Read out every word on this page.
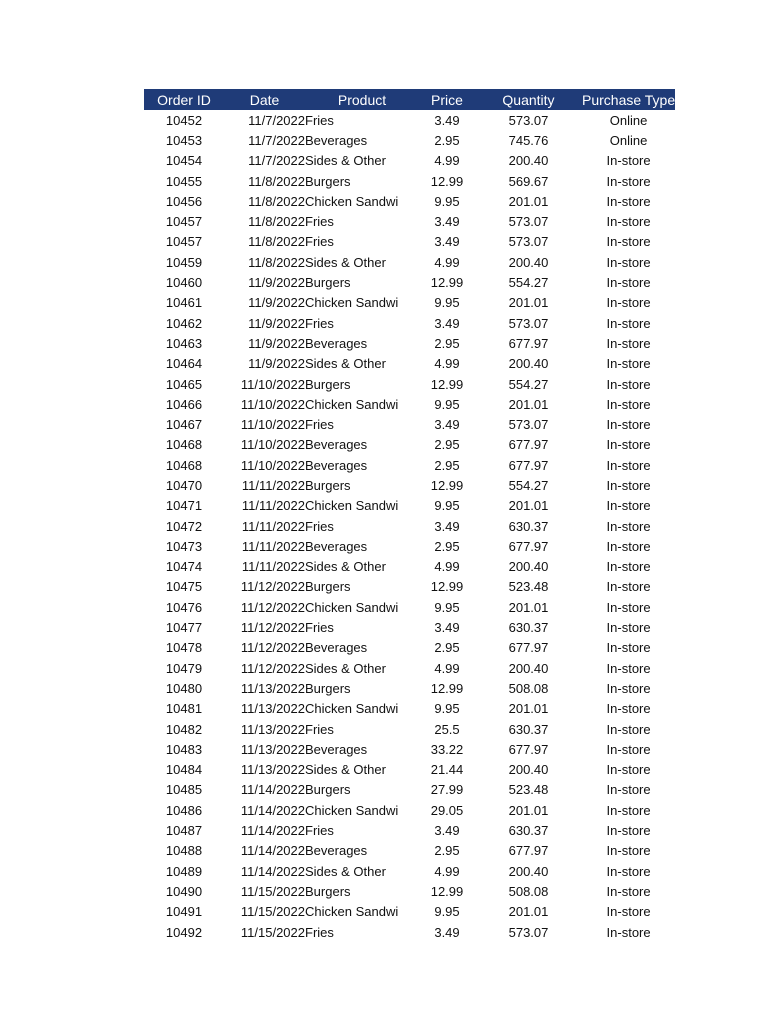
Order ID	Date	Product	Price	Quantity	Purchase Type
10452	11/7/2022	Fries	3.49	573.07	Online
10453	11/7/2022	Beverages	2.95	745.76	Online
10454	11/7/2022	Sides & Other	4.99	200.40	In-store
10455	11/8/2022	Burgers	12.99	569.67	In-store
10456	11/8/2022	Chicken Sandwi	9.95	201.01	In-store
10457	11/8/2022	Fries	3.49	573.07	In-store
10457	11/8/2022	Fries	3.49	573.07	In-store
10459	11/8/2022	Sides & Other	4.99	200.40	In-store
10460	11/9/2022	Burgers	12.99	554.27	In-store
10461	11/9/2022	Chicken Sandwi	9.95	201.01	In-store
10462	11/9/2022	Fries	3.49	573.07	In-store
10463	11/9/2022	Beverages	2.95	677.97	In-store
10464	11/9/2022	Sides & Other	4.99	200.40	In-store
10465	11/10/2022	Burgers	12.99	554.27	In-store
10466	11/10/2022	Chicken Sandwi	9.95	201.01	In-store
10467	11/10/2022	Fries	3.49	573.07	In-store
10468	11/10/2022	Beverages	2.95	677.97	In-store
10468	11/10/2022	Beverages	2.95	677.97	In-store
10470	11/11/2022	Burgers	12.99	554.27	In-store
10471	11/11/2022	Chicken Sandwi	9.95	201.01	In-store
10472	11/11/2022	Fries	3.49	630.37	In-store
10473	11/11/2022	Beverages	2.95	677.97	In-store
10474	11/11/2022	Sides & Other	4.99	200.40	In-store
10475	11/12/2022	Burgers	12.99	523.48	In-store
10476	11/12/2022	Chicken Sandwi	9.95	201.01	In-store
10477	11/12/2022	Fries	3.49	630.37	In-store
10478	11/12/2022	Beverages	2.95	677.97	In-store
10479	11/12/2022	Sides & Other	4.99	200.40	In-store
10480	11/13/2022	Burgers	12.99	508.08	In-store
10481	11/13/2022	Chicken Sandwi	9.95	201.01	In-store
10482	11/13/2022	Fries	25.5	630.37	In-store
10483	11/13/2022	Beverages	33.22	677.97	In-store
10484	11/13/2022	Sides & Other	21.44	200.40	In-store
10485	11/14/2022	Burgers	27.99	523.48	In-store
10486	11/14/2022	Chicken Sandwi	29.05	201.01	In-store
10487	11/14/2022	Fries	3.49	630.37	In-store
10488	11/14/2022	Beverages	2.95	677.97	In-store
10489	11/14/2022	Sides & Other	4.99	200.40	In-store
10490	11/15/2022	Burgers	12.99	508.08	In-store
10491	11/15/2022	Chicken Sandwi	9.95	201.01	In-store
10492	11/15/2022	Fries	3.49	573.07	In-store
